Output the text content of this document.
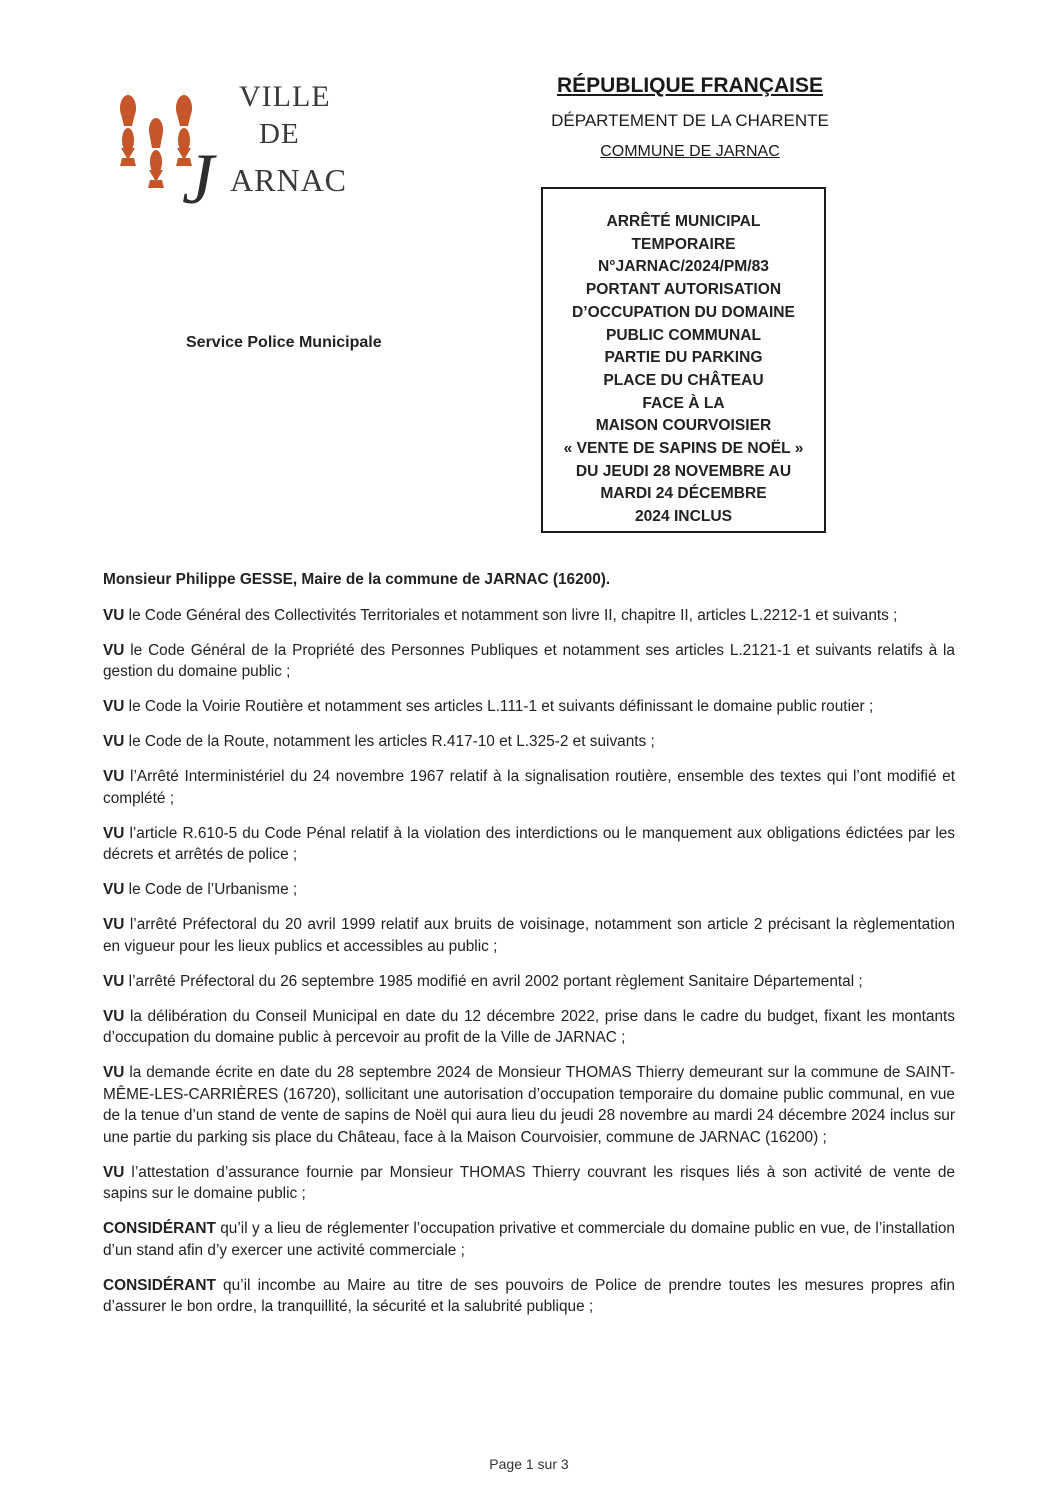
VILLE
DE
J ARNAC
RÉPUBLIQUE FRANÇAISE
DÉPARTEMENT DE LA CHARENTE
COMMUNE DE JARNAC
ARRÊTÉ MUNICIPAL
TEMPORAIRE
N°JARNAC/2024/PM/83
PORTANT AUTORISATION
D’OCCUPATION DU DOMAINE
PUBLIC COMMUNAL
PARTIE DU PARKING
PLACE DU CHÂTEAU
FACE À LA
MAISON COURVOISIER
« VENTE DE SAPINS DE NOËL »
DU JEUDI 28 NOVEMBRE AU
MARDI 24 DÉCEMBRE
2024 INCLUS
Service Police Municipale
Monsieur Philippe GESSE, Maire de la commune de JARNAC (16200).

VU le Code Général des Collectivités Territoriales et notamment son livre II, chapitre II, articles L.2212-1 et suivants ;

VU le Code Général de la Propriété des Personnes Publiques et notamment ses articles L.2121-1 et suivants relatifs à la gestion du domaine public ;

VU le Code la Voirie Routière et notamment ses articles L.111-1 et suivants définissant le domaine public routier ;

VU le Code de la Route, notamment les articles R.417-10 et L.325-2 et suivants ;

VU l’Arrêté Interministériel du 24 novembre 1967 relatif à la signalisation routière, ensemble des textes qui l’ont modifié et complété ;

VU l’article R.610-5 du Code Pénal relatif à la violation des interdictions ou le manquement aux obligations édictées par les décrets et arrêtés de police ;

VU le Code de l’Urbanisme ;

VU l’arrêté Préfectoral du 20 avril 1999 relatif aux bruits de voisinage, notamment son article 2 précisant la règlementation en vigueur pour les lieux publics et accessibles au public ;

VU l’arrêté Préfectoral du 26 septembre 1985 modifié en avril 2002 portant règlement Sanitaire Départemental ;

VU la délibération du Conseil Municipal en date du 12 décembre 2022, prise dans le cadre du budget, fixant les montants d’occupation du domaine public à percevoir au profit de la Ville de JARNAC ;

VU la demande écrite en date du 28 septembre 2024 de Monsieur THOMAS Thierry demeurant sur la commune de SAINT-MÊME-LES-CARRIÈRES (16720), sollicitant une autorisation d’occupation temporaire du domaine public communal, en vue de la tenue d’un stand de vente de sapins de Noël qui aura lieu du jeudi 28 novembre au mardi 24 décembre 2024 inclus sur une partie du parking sis place du Château, face à la Maison Courvoisier, commune de JARNAC (16200) ;

VU l’attestation d’assurance fournie par Monsieur THOMAS Thierry couvrant les risques liés à son activité de vente de sapins sur le domaine public ;

CONSIDÉRANT qu’il y a lieu de réglementer l’occupation privative et commerciale du domaine public en vue, de l’installation d’un stand afin d’y exercer une activité commerciale ;

CONSIDÉRANT qu’il incombe au Maire au titre de ses pouvoirs de Police de prendre toutes les mesures propres afin d’assurer le bon ordre, la tranquillité, la sécurité et la salubrité publique ;

Page 1 sur 3
